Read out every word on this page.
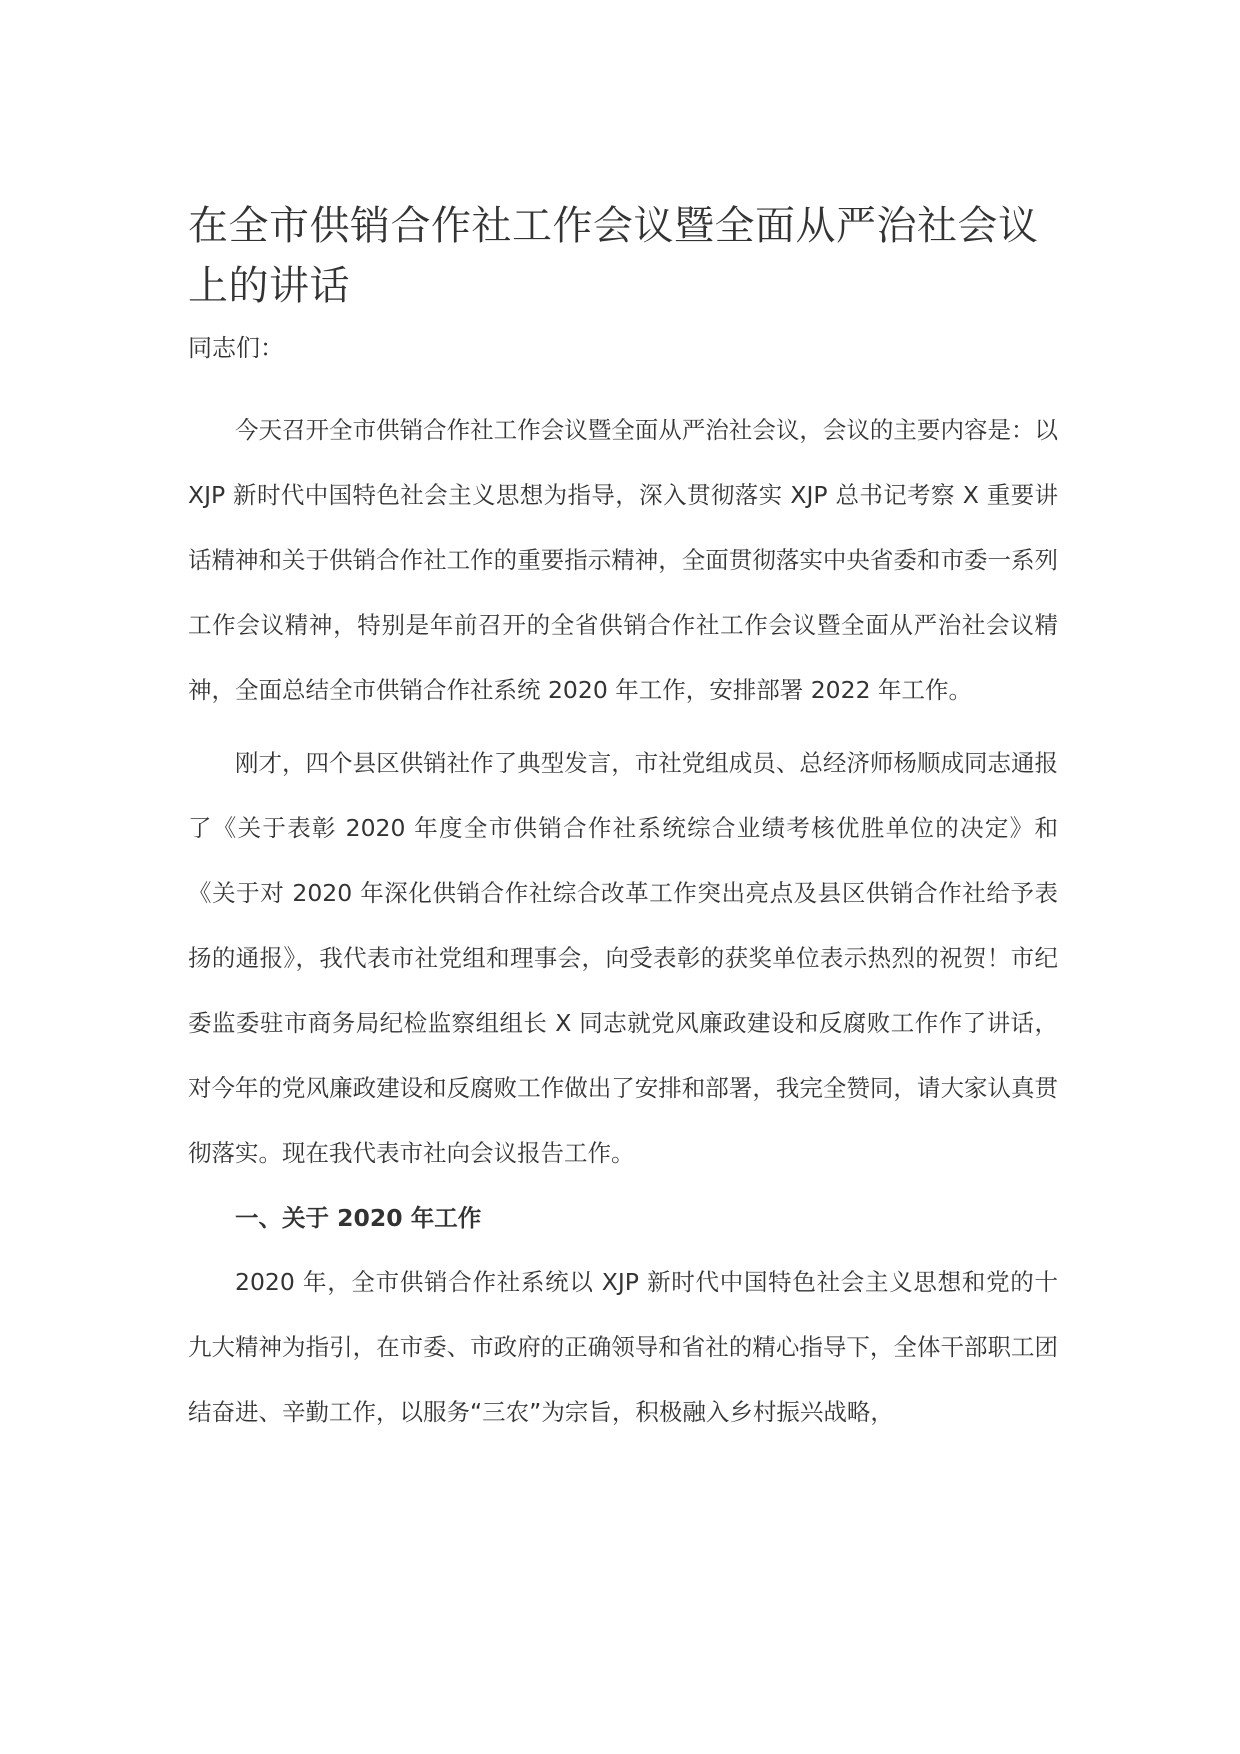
在全市供销合作社工作会议暨全面从严治社会议上的讲话

同志们：

今天召开全市供销合作社工作会议暨全面从严治社会议，会议的主要内容是：以 XJP 新时代中国特色社会主义思想为指导，深入贯彻落实 XJP 总书记考察 X 重要讲话精神和关于供销合作社工作的重要指示精神，全面贯彻落实中央省委和市委一系列工作会议精神，特别是年前召开的全省供销合作社工作会议暨全面从严治社会议精神，全面总结全市供销合作社系统 2020 年工作，安排部署 2022 年工作。

刚才，四个县区供销社作了典型发言，市社党组成员、总经济师杨顺成同志通报了《关于表彰 2020 年度全市供销合作社系统综合业绩考核优胜单位的决定》和《关于对 2020 年深化供销合作社综合改革工作突出亮点及县区供销合作社给予表扬的通报》，我代表市社党组和理事会，向受表彰的获奖单位表示热烈的祝贺！市纪委监委驻市商务局纪检监察组组长 X 同志就党风廉政建设和反腐败工作作了讲话，对今年的党风廉政建设和反腐败工作做出了安排和部署，我完全赞同，请大家认真贯彻落实。现在我代表市社向会议报告工作。

一、关于 2020 年工作

2020 年，全市供销合作社系统以 XJP 新时代中国特色社会主义思想和党的十九大精神为指引，在市委、市政府的正确领导和省社的精心指导下，全体干部职工团结奋进、辛勤工作，以服务“三农”为宗旨，积极融入乡村振兴战略，
